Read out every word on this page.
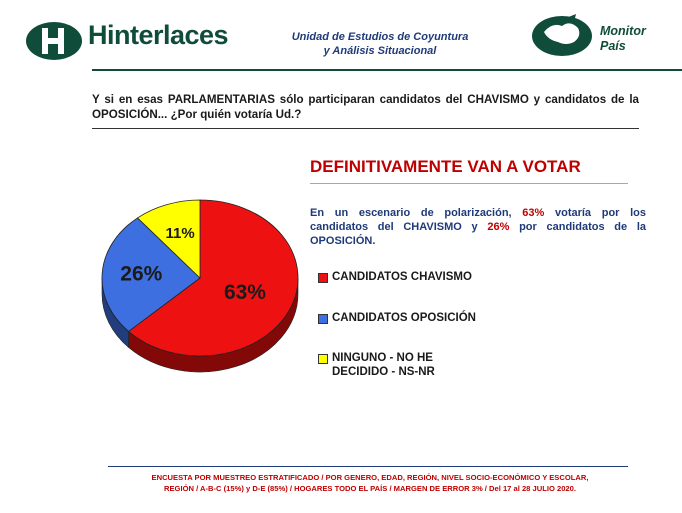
Hinterlaces	Unidad de Estudios de Coyuntura
y Análisis Situacional
Monitor
País
Y si en esas PARLAMENTARIAS sólo participaran candidatos del CHAVISMO y candidatos de la OPOSICIÓN... ¿Por quién votaría Ud.?
DEFINITIVAMENTE VAN A VOTAR
En un escenario de polarización, 63% votaría por los candidatos del CHAVISMO y 26% por candidatos de la OPOSICIÓN.
63%
26%
11%
CANDIDATOS CHAVISMO
CANDIDATOS OPOSICIÓN
NINGUNO - NO HE DECIDIDO - NS-NR
ENCUESTA POR MUESTREO ESTRATIFICADO / POR GENERO, EDAD, REGIÓN, NIVEL SOCIO-ECONÓMICO Y ESCOLAR,
REGIÓN / A-B-C (15%) y D-E (85%) / HOGARES TODO EL PAÍS / MARGEN DE ERROR 3% / Del 17 al 28 JULIO 2020.
